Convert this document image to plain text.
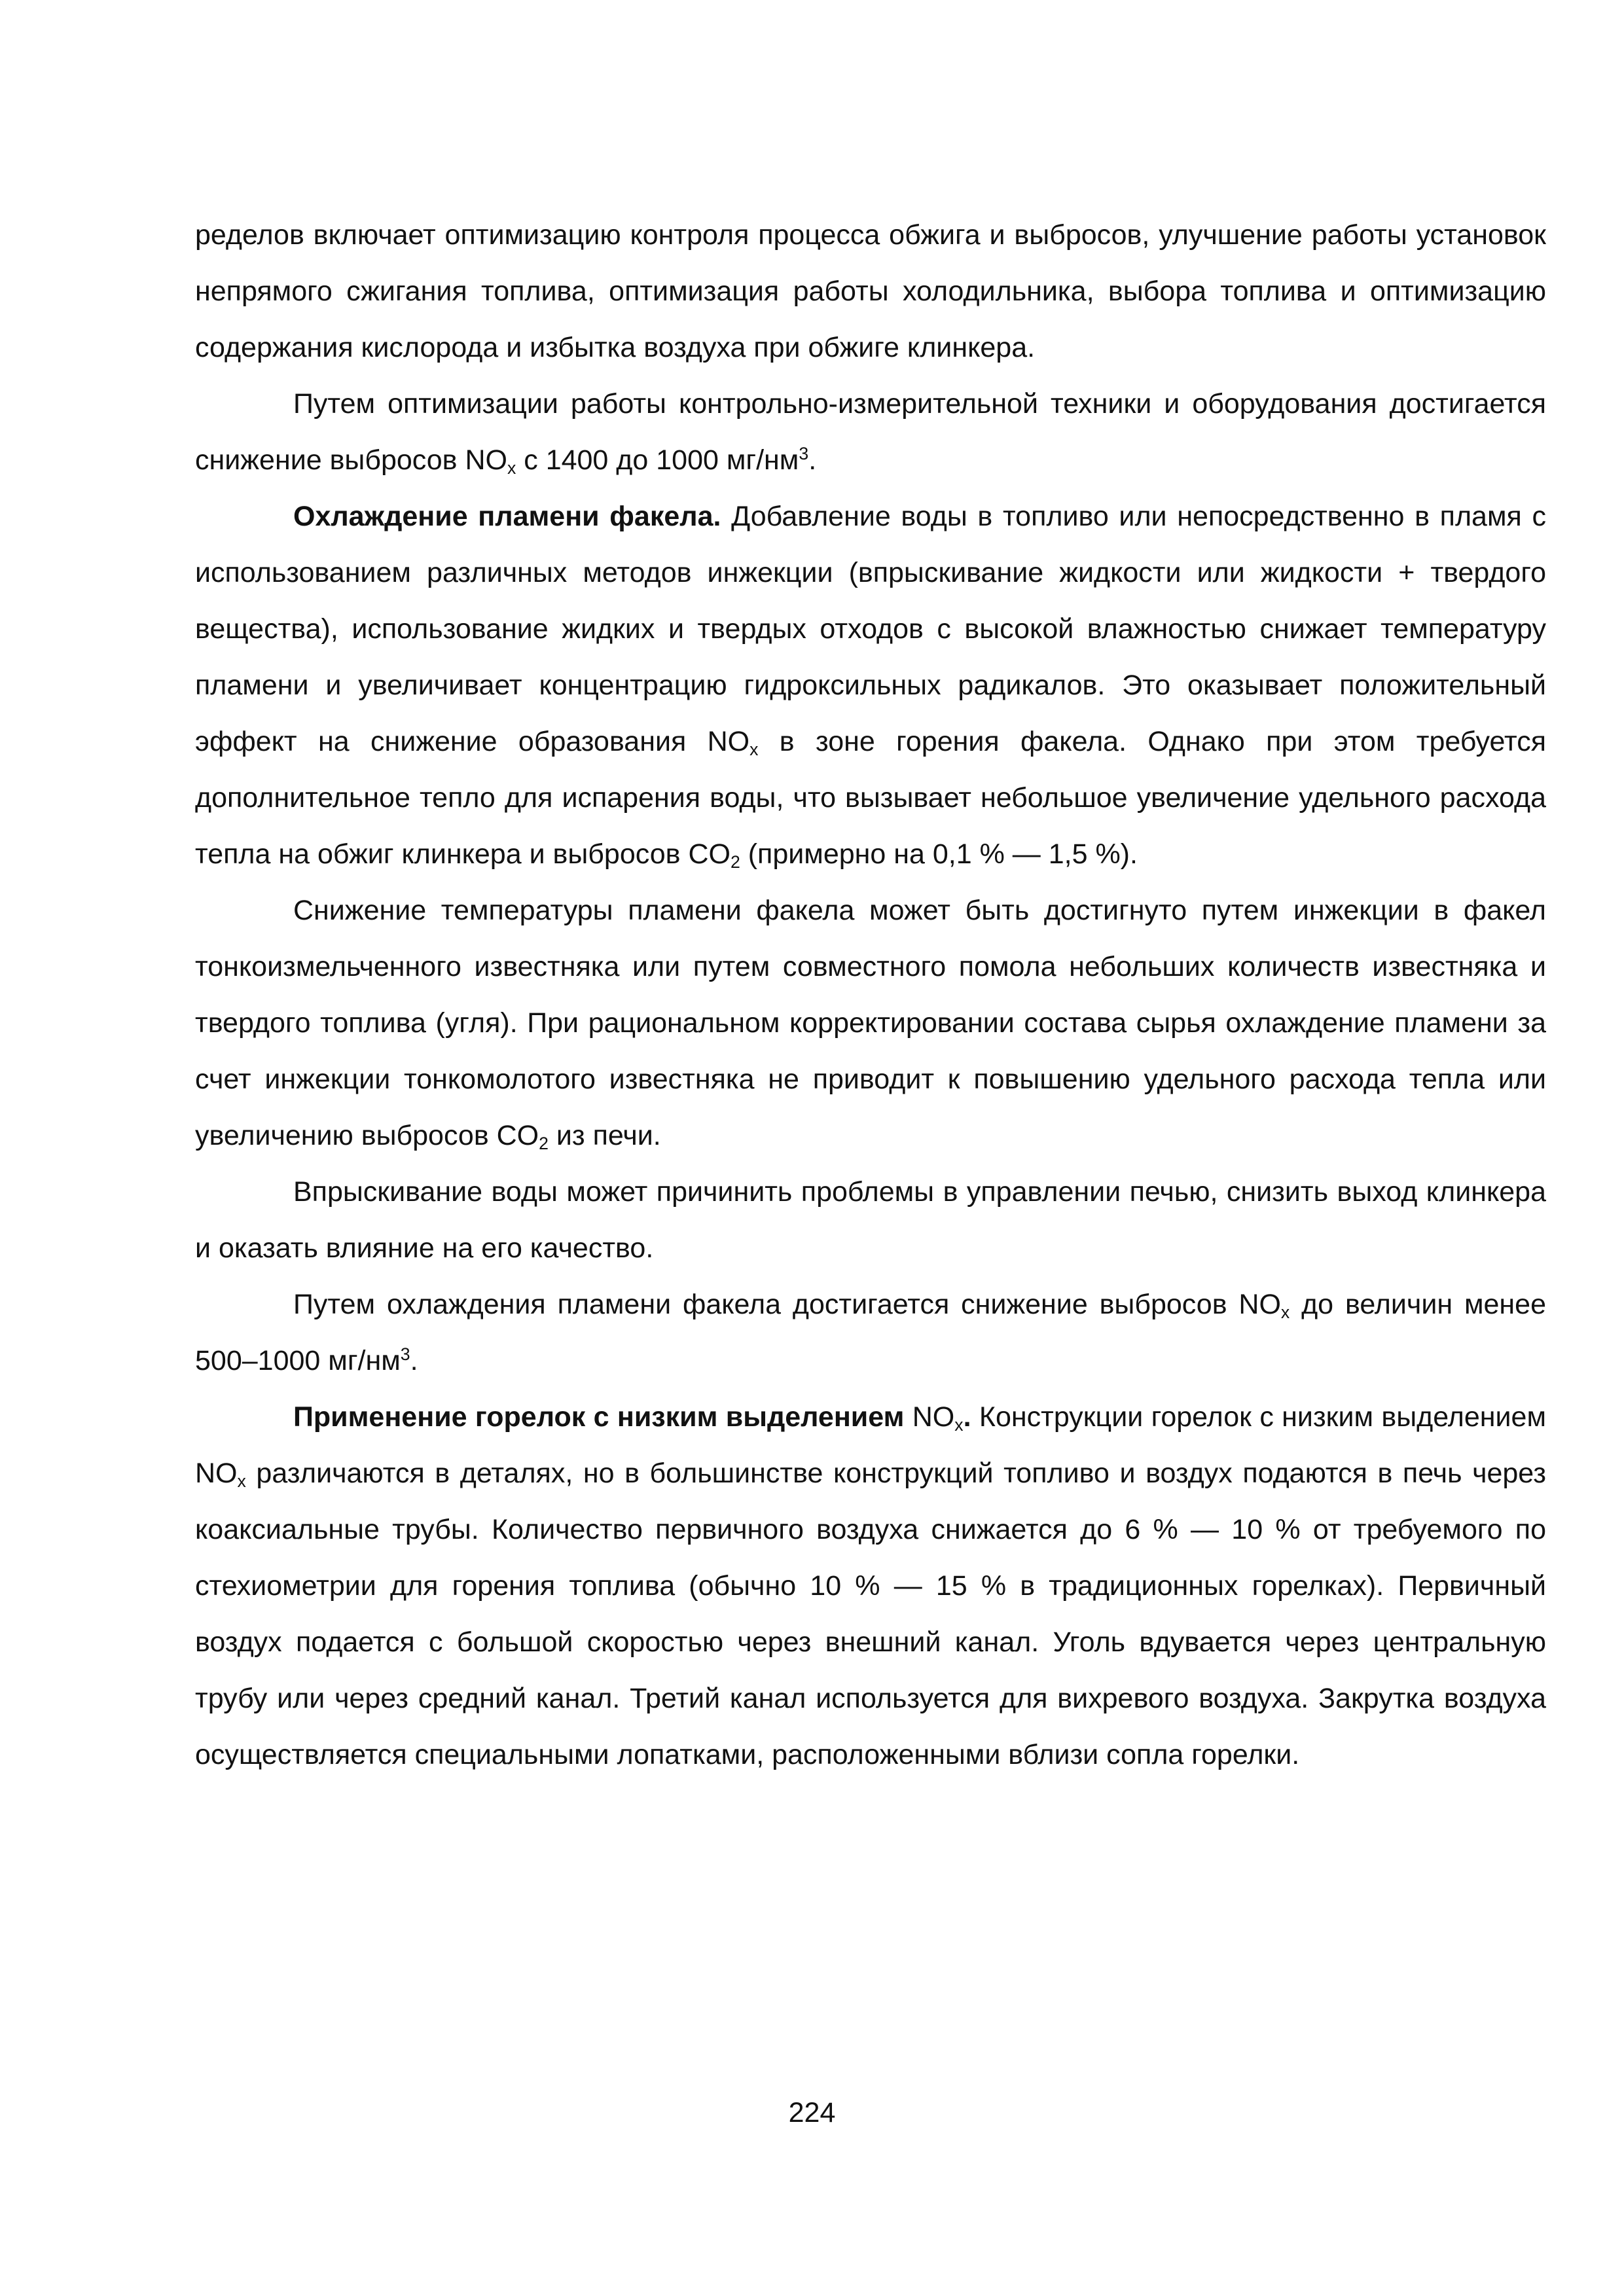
ределов включает оптимизацию контроля процесса обжига и выбросов, улучшение работы установок непрямого сжигания топлива, оптимизация работы холодильника, выбора топлива и оптимизацию содержания кислорода и избытка воздуха при обжиге клинкера.

Путем оптимизации работы контрольно-измерительной техники и оборудования достигается снижение выбросов $NO_x$ с 1400 до 1000 $мг/нм^3$.

Охлаждение пламени факела. Добавление воды в топливо или непосредственно в пламя с использованием различных методов инжекции (впрыскивание жидкости или жидкости + твердого вещества), использование жидких и твердых отходов с высокой влажностью снижает температуру пламени и увеличивает концентрацию гидроксильных радикалов. Это оказывает положительный эффект на снижение образования $NO_x$ в зоне горения факела. Однако при этом требуется дополнительное тепло для испарения воды, что вызывает небольшое увеличение удельного расхода тепла на обжиг клинкера и выбросов $CO_2$ (примерно на 0,1 % — 1,5 %).

Снижение температуры пламени факела может быть достигнуто путем инжекции в факел тонкоизмельченного известняка или путем совместного помола небольших количеств известняка и твердого топлива (угля). При рациональном корректировании состава сырья охлаждение пламени за счет инжекции тонкомолотого известняка не приводит к повышению удельного расхода тепла или увеличению выбросов $CO_2$ из печи.

Впрыскивание воды может причинить проблемы в управлении печью, снизить выход клинкера и оказать влияние на его качество.

Путем охлаждения пламени факела достигается снижение выбросов $NO_x$ до величин менее 500–1000 $мг/нм^3$.

Применение горелок с низким выделением $NO_x$. Конструкции горелок с низким выделением $NO_x$ различаются в деталях, но в большинстве конструкций топливо и воздух подаются в печь через коаксиальные трубы. Количество первичного воздуха снижается до 6 % — 10 % от требуемого по стехиометрии для горения топлива (обычно 10 % — 15 % в традиционных горелках). Первичный воздух подается с большой скоростью через внешний канал. Уголь вдувается через центральную трубу или через средний канал. Третий канал используется для вихревого воздуха. Закрутка воздуха осуществляется специальными лопатками, расположенными вблизи сопла горелки.

224
